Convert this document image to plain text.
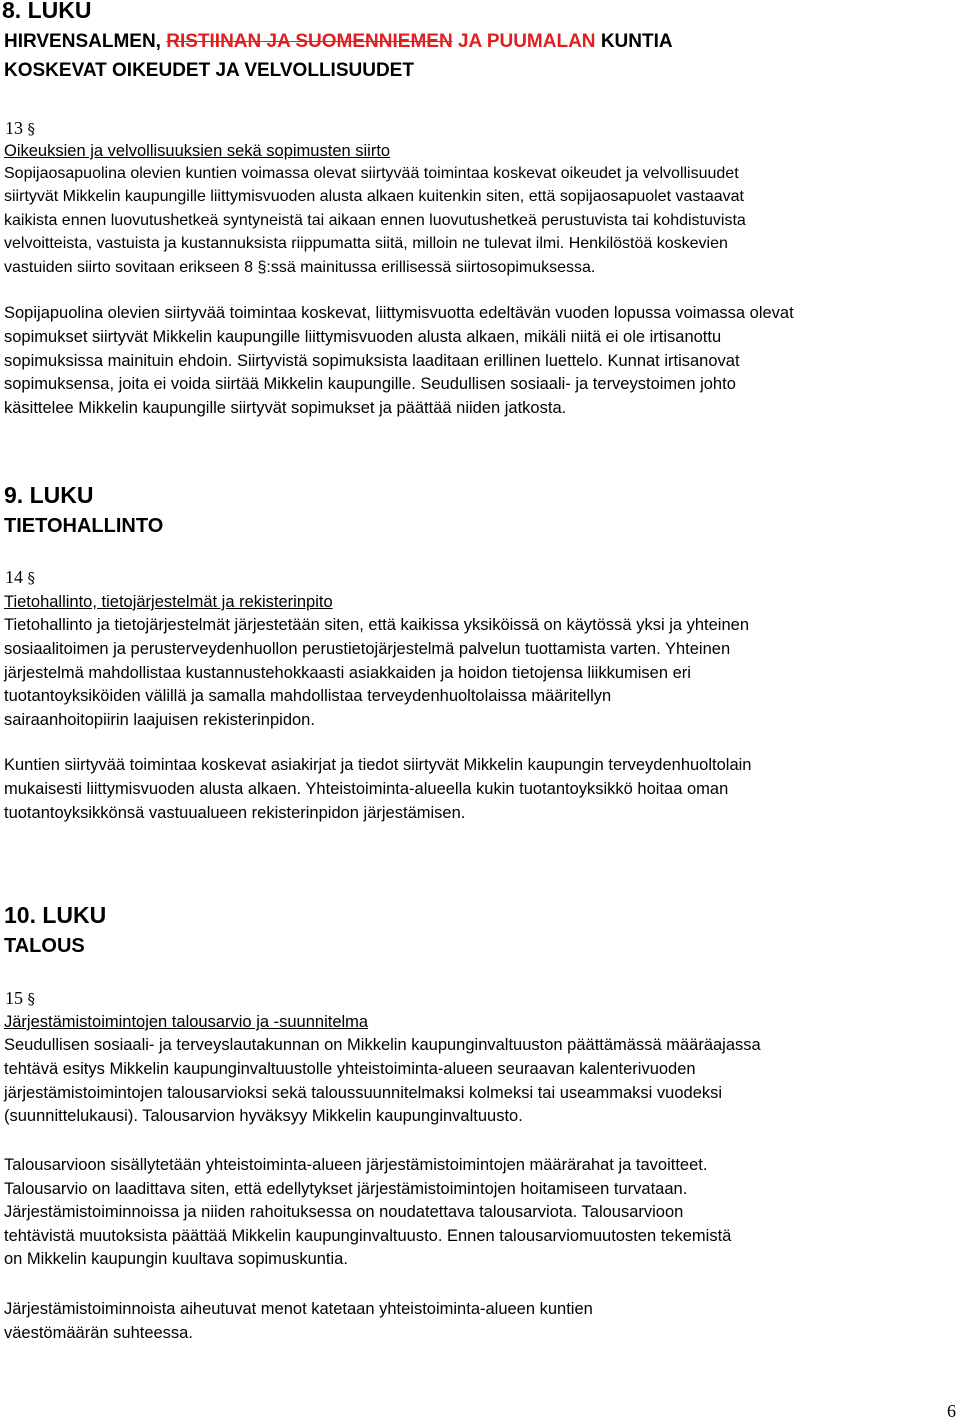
8. LUKU
HIRVENSALMEN, RISTIINAN JA SUOMENNIEMEN JA PUUMALAN KUNTIA
KOSKEVAT OIKEUDET JA VELVOLLISUUDET
13 §
Oikeuksien ja velvollisuuksien sekä sopimusten siirto
Sopijaosapuolina olevien kuntien voimassa olevat siirtyvää toimintaa koskevat oikeudet ja velvollisuudet
siirtyvät Mikkelin kaupungille liittymisvuoden alusta alkaen kuitenkin siten, että sopijaosapuolet vastaavat
kaikista ennen luovutushetkeä syntyneistä tai aikaan ennen luovutushetkeä perustuvista tai kohdistuvista
velvoitteista, vastuista ja kustannuksista riippumatta siitä, milloin ne tulevat ilmi. Henkilöstöä koskevien
vastuiden siirto sovitaan erikseen 8 §:ssä mainitussa erillisessä siirtosopimuksessa.
Sopijapuolina olevien siirtyvää toimintaa koskevat, liittymisvuotta edeltävän vuoden lopussa voimassa olevat
sopimukset siirtyvät Mikkelin kaupungille liittymisvuoden alusta alkaen, mikäli niitä ei ole irtisanottu
sopimuksissa mainituin ehdoin. Siirtyvistä sopimuksista laaditaan erillinen luettelo. Kunnat irtisanovat
sopimuksensa, joita ei voida siirtää Mikkelin kaupungille. Seudullisen sosiaali- ja terveystoimen johto
käsittelee Mikkelin kaupungille siirtyvät sopimukset ja päättää niiden jatkosta.
9. LUKU
TIETOHALLINTO
14 §
Tietohallinto, tietojärjestelmät ja rekisterinpito
Tietohallinto ja tietojärjestelmät järjestetään siten, että kaikissa yksiköissä on käytössä yksi ja yhteinen
sosiaalitoimen ja perusterveydenhuollon perustietojärjestelmä palvelun tuottamista varten. Yhteinen
järjestelmä mahdollistaa kustannustehokkaasti asiakkaiden ja hoidon tietojensa liikkumisen eri
tuotantoyksiköiden välillä ja samalla mahdollistaa terveydenhuoltolaissa määritellyn
sairaanhoitopiirin laajuisen rekisterinpidon.
Kuntien siirtyvää toimintaa koskevat asiakirjat ja tiedot siirtyvät Mikkelin kaupungin terveydenhuoltolain
mukaisesti liittymisvuoden alusta alkaen. Yhteistoiminta-alueella kukin tuotantoyksikkö hoitaa oman
tuotantoyksikkönsä vastuualueen rekisterinpidon järjestämisen.
10. LUKU
TALOUS
15 §
Järjestämistoimintojen talousarvio ja -suunnitelma
Seudullisen sosiaali- ja terveyslautakunnan on Mikkelin kaupunginvaltuuston päättämässä määräajassa
tehtävä esitys Mikkelin kaupunginvaltuustolle yhteistoiminta-alueen seuraavan kalenterivuoden
järjestämistoimintojen talousarvioksi sekä taloussuunnitelmaksi kolmeksi tai useammaksi vuodeksi
(suunnittelukausi). Talousarvion hyväksyy Mikkelin kaupunginvaltuusto.
Talousarvioon sisällytetään yhteistoiminta-alueen järjestämistoimintojen määrärahat ja tavoitteet.
Talousarvio on laadittava siten, että edellytykset järjestämistoimintojen hoitamiseen turvataan.
Järjestämistoiminnoissa ja niiden rahoituksessa on noudatettava talousarviota. Talousarvioon
tehtävistä muutoksista päättää Mikkelin kaupunginvaltuusto. Ennen talousarviomuutosten tekemistä
on Mikkelin kaupungin kuultava sopimuskuntia.
Järjestämistoiminnoista aiheutuvat menot katetaan yhteistoiminta-alueen kuntien
väestömäärän suhteessa.
6
